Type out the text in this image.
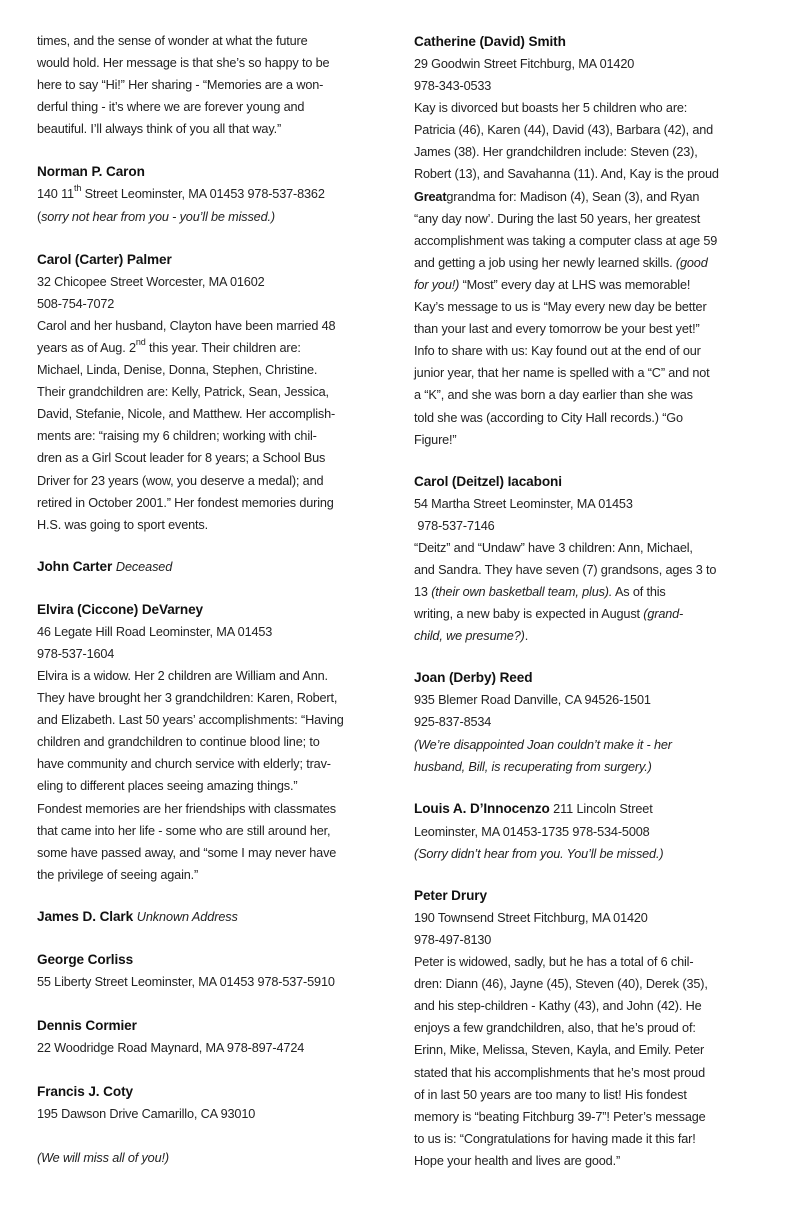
times, and the sense of wonder at what the future

would hold. Her message is that she’s so happy to be

here to say “Hi!” Her sharing - “Memories are a won-

derful thing - it’s where we are forever young and

beautiful. I’ll always think of you all that way.”

Norman P. Caron

140 11th Street Leominster, MA 01453 978-537-8362

(sorry not hear from you - you’ll be missed.)

Carol (Carter) Palmer

32 Chicopee Street Worcester, MA 01602

508-754-7072

Carol and her husband, Clayton have been married 48

years as of Aug. 2nd this year. Their children are:

Michael, Linda, Denise, Donna, Stephen, Christine.

Their grandchildren are: Kelly, Patrick, Sean, Jessica,

David, Stefanie, Nicole, and Matthew. Her accomplish-

ments are: “raising my 6 children; working with chil-

dren as a Girl Scout leader for 8 years; a School Bus

Driver for 23 years (wow, you deserve a medal); and

retired in October 2001.” Her fondest memories during

H.S. was going to sport events.

John Carter Deceased

Elvira (Ciccone) DeVarney

46 Legate Hill Road Leominster, MA 01453

978-537-1604

Elvira is a widow. Her 2 children are William and Ann.

They have brought her 3 grandchildren: Karen, Robert,

and Elizabeth. Last 50 years’ accomplishments: “Having

children and grandchildren to continue blood line; to

have community and church service with elderly; trav-

eling to different places seeing amazing things.”

Fondest memories are her friendships with classmates

that came into her life - some who are still around her,

some have passed away, and “some I may never have

the privilege of seeing again.”

James D. Clark Unknown Address

George Corliss

55 Liberty Street Leominster, MA 01453 978-537-5910

Dennis Cormier

22 Woodridge Road Maynard, MA 978-897-4724

Francis J. Coty

195 Dawson Drive Camarillo, CA 93010

(We will miss all of you!)

Catherine (David) Smith

29 Goodwin Street Fitchburg, MA 01420

978-343-0533

Kay is divorced but boasts her 5 children who are:

Patricia (46), Karen (44), David (43), Barbara (42), and

James (38). Her grandchildren include: Steven (23),

Robert (13), and Savahanna (11). And, Kay is the proud

Greatgrandma for: Madison (4), Sean (3), and Ryan

“any day now’. During the last 50 years, her greatest

accomplishment was taking a computer class at age 59

and getting a job using her newly learned skills. (good

for you!) “Most” every day at LHS was memorable!

Kay’s message to us is “May every new day be better

than your last and every tomorrow be your best yet!”

Info to share with us: Kay found out at the end of our

junior year, that her name is spelled with a “C” and not

a “K”, and she was born a day earlier than she was

told she was (according to City Hall records.) “Go

Figure!”

Carol (Deitzel) Iacaboni

54 Martha Street Leominster, MA 01453

978-537-7146

“Deitz” and “Undaw” have 3 children: Ann, Michael,

and Sandra. They have seven (7) grandsons, ages 3 to

13 (their own basketball team, plus). As of this

writing, a new baby is expected in August (grand-

child, we presume?).

Joan (Derby) Reed

935 Blemer Road Danville, CA 94526-1501

925-837-8534

(We’re disappointed Joan couldn’t make it - her

husband, Bill, is recuperating from surgery.)

Louis A. D’Innocenzo 211 Lincoln Street

Leominster, MA 01453-1735 978-534-5008

(Sorry didn’t hear from you. You’ll be missed.)

Peter Drury

190 Townsend Street Fitchburg, MA 01420

978-497-8130

Peter is widowed, sadly, but he has a total of 6 chil-

dren: Diann (46), Jayne (45), Steven (40), Derek (35),

and his step-children - Kathy (43), and John (42). He

enjoys a few grandchildren, also, that he’s proud of:

Erinn, Mike, Melissa, Steven, Kayla, and Emily. Peter

stated that his accomplishments that he’s most proud

of in last 50 years are too many to list! His fondest

memory is “beating Fitchburg 39-7”! Peter’s message

to us is: “Congratulations for having made it this far!

Hope your health and lives are good.”
